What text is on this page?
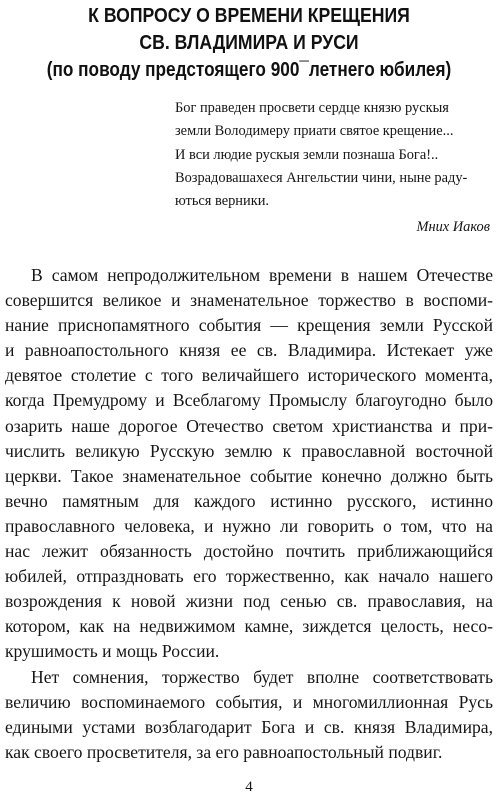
К ВОПРОСУ О ВРЕМЕНИ КРЕЩЕНИЯ
СВ. ВЛАДИМИРА И РУСИ
(по поводу предстоящего 900¯летнего юбилея)
Бог праведен просвети сердце князю рускыя
земли Володимеру приати святое крещение...
И вси людие рускыя земли познаша Бога!..
Возрадовашахеся Ангельстии чини, ныне раду-
ються верники.
Мних Иаков
В самом непродолжительном времени в нашем Отечестве
совершится великое и знаменательное торжество в воспоми-
нание приснопамятного события — крещения земли Русской
и равноапостольного князя ее св. Владимира. Истекает уже
девятое столетие с того величайшего исторического момента,
когда Премудрому и Всеблагому Промыслу благоугодно было
озарить наше дорогое Отечество светом христианства и при-
числить великую Русскую землю к православной восточной
церкви. Такое знаменательное событие конечно должно быть
вечно памятным для каждого истинно русского, истинно
православного человека, и нужно ли говорить о том, что на
нас лежит обязанность достойно почтить приближающийся
юбилей, отпраздновать его торжественно, как начало нашего
возрождения к новой жизни под сенью св. православия, на
котором, как на недвижимом камне, зиждется целость, несо-
крушимость и мощь России.
Нет сомнения, торжество будет вполне соответствовать
величию воспоминаемого события, и многомиллионная Русь
едиными устами возблагодарит Бога и св. князя Владимира,
как своего просветителя, за его равноапостольный подвиг.
4
